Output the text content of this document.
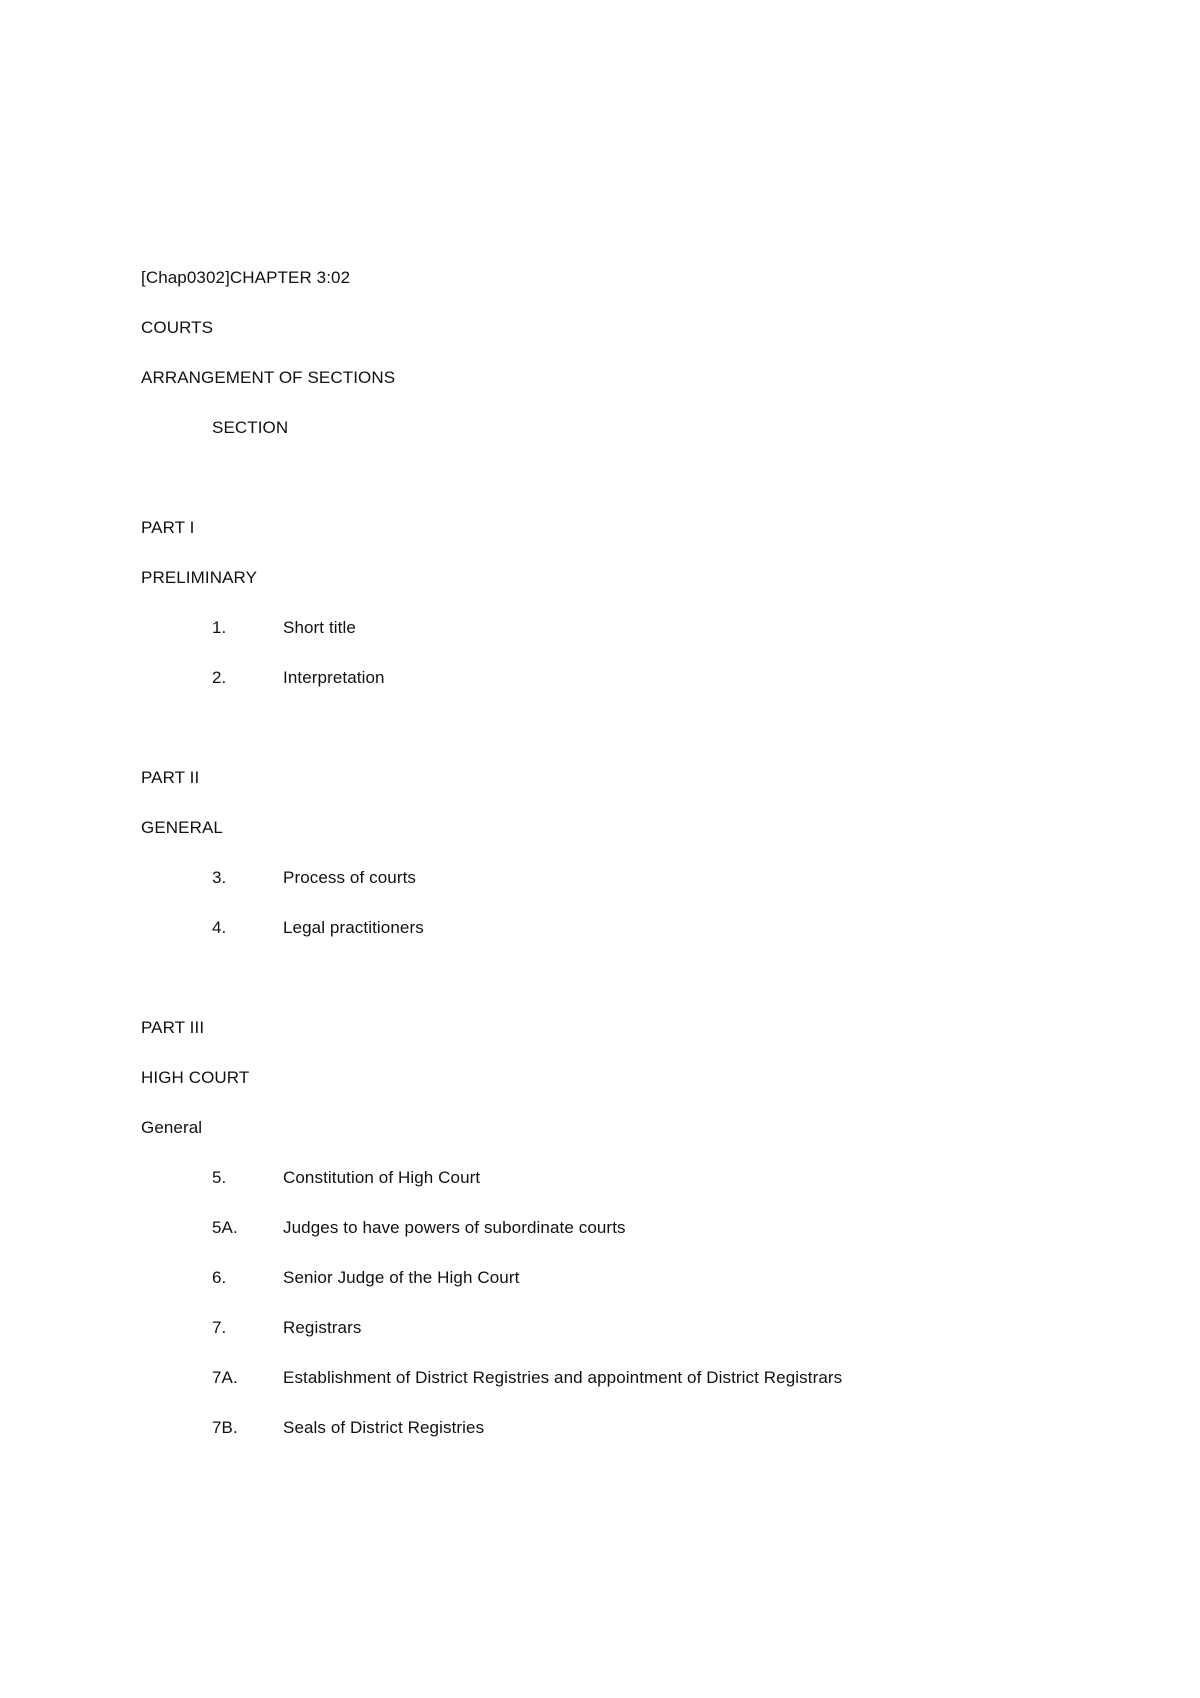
[Chap0302]CHAPTER 3:02
COURTS
ARRANGEMENT OF SECTIONS
SECTION
PART I
PRELIMINARY
1.	Short title
2.	Interpretation
PART II
GENERAL
3.	Process of courts
4.	Legal practitioners
PART III
HIGH COURT
General
5.	Constitution of High Court
5A.	Judges to have powers of subordinate courts
6.	Senior Judge of the High Court
7.	Registrars
7A.	Establishment of District Registries and appointment of District Registrars
7B.	Seals of District Registries
